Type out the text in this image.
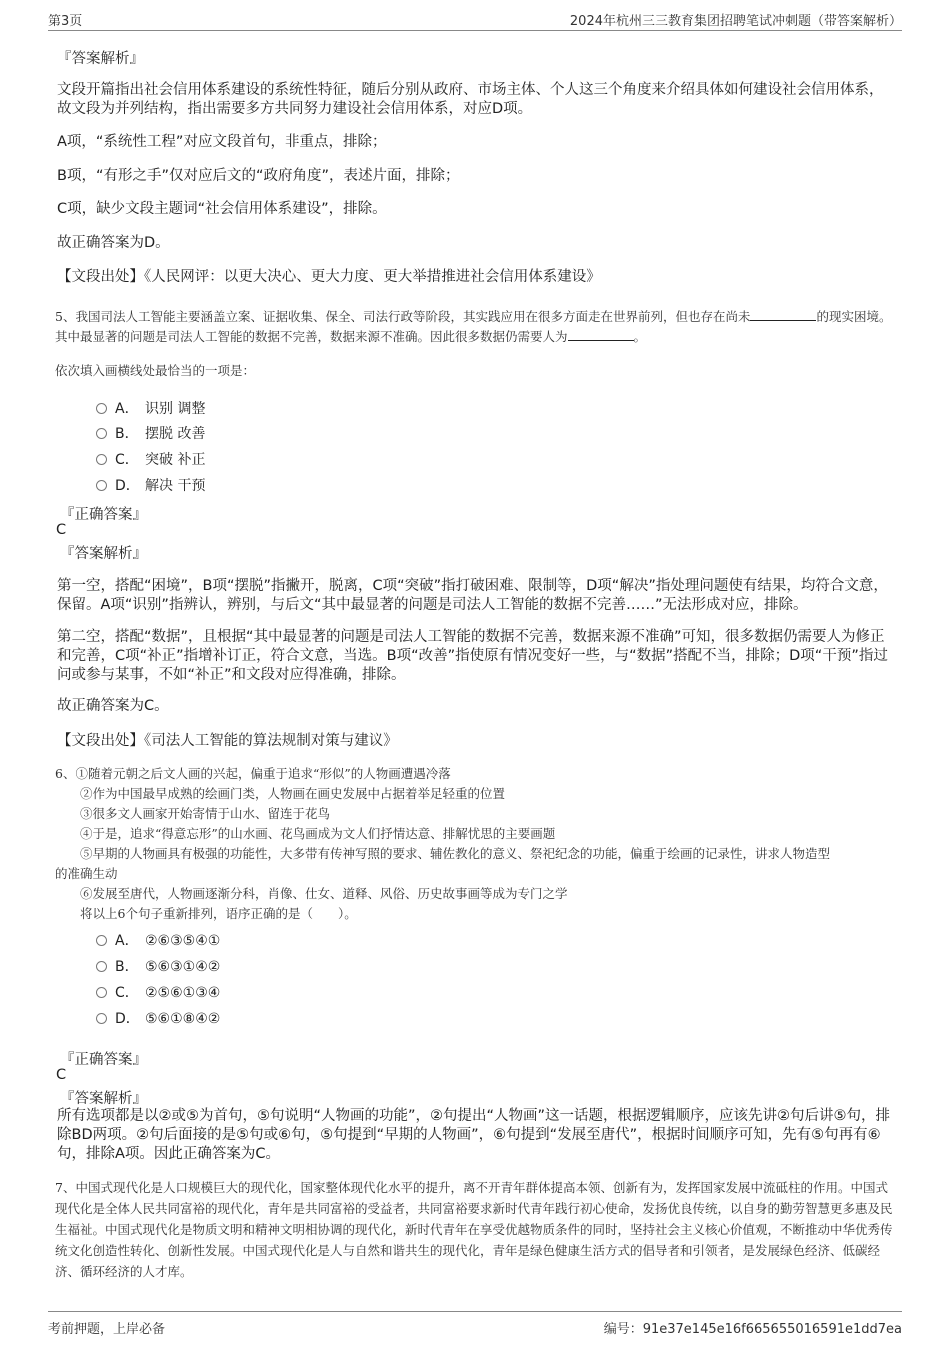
第3页	2024年杭州三三教育集团招聘笔试冲刺题（带答案解析）
『答案解析』
文段开篇指出社会信用体系建设的系统性特征，随后分别从政府、市场主体、个人这三个角度来介绍具体如何建设社会信用体系，故文段为并列结构，指出需要多方共同努力建设社会信用体系，对应D项。
A项，“系统性工程”对应文段首句，非重点，排除；
B项，“有形之手”仅对应后文的“政府角度”，表述片面，排除；
C项，缺少文段主题词“社会信用体系建设”，排除。
故正确答案为D。
【文段出处】《人民网评：以更大决心、更大力度、更大举措推进社会信用体系建设》
5、我国司法人工智能主要涵盖立案、证据收集、保全、司法行政等阶段，其实践应用在很多方面走在世界前列，但也存在尚未	的现实困境。其中最显著的问题是司法人工智能的数据不完善，数据来源不准确。因此很多数据仍需要人为	。
依次填入画横线处最恰当的一项是：
A． 识别 调整
B． 摆脱 改善
C． 突破 补正
D． 解决 干预
『正确答案』
C
『答案解析』
第一空，搭配“困境”，B项“摆脱”指撇开，脱离，C项“突破”指打破困难、限制等，D项“解决”指处理问题使有结果，均符合文意，保留。A项“识别”指辨认，辨别，与后文“其中最显著的问题是司法人工智能的数据不完善……”无法形成对应，排除。
第二空，搭配“数据”，且根据“其中最显著的问题是司法人工智能的数据不完善，数据来源不准确”可知，很多数据仍需要人为修正和完善，C项“补正”指增补订正，符合文意，当选。B项“改善”指使原有情况变好一些，与“数据”搭配不当，排除；D项“干预”指过问或参与某事，不如“补正”和文段对应得准确，排除。
故正确答案为C。
【文段出处】《司法人工智能的算法规制对策与建议》
6、①随着元朝之后文人画的兴起，偏重于追求“形似”的人物画遭遇冷落
②作为中国最早成熟的绘画门类，人物画在画史发展中占据着举足轻重的位置
③很多文人画家开始寄情于山水、留连于花鸟
④于是，追求“得意忘形”的山水画、花鸟画成为文人们抒情达意、排解忧思的主要画题
⑤早期的人物画具有极强的功能性，大多带有传神写照的要求、辅佐教化的意义、祭祀纪念的功能，偏重于绘画的记录性，讲求人物造型
的准确生动
⑥发展至唐代，人物画逐渐分科，肖像、仕女、道释、风俗、历史故事画等成为专门之学
将以上6个句子重新排列，语序正确的是（　　）。
A． ②⑥③⑤④①
B． ⑤⑥③①④②
C． ②⑤⑥①③④
D． ⑤⑥①⑧④②
『正确答案』
C
『答案解析』
所有选项都是以②或⑤为首句，⑤句说明“人物画的功能”，②句提出“人物画”这一话题，根据逻辑顺序，应该先讲②句后讲⑤句，排除BD两项。②句后面接的是⑤句或⑥句，⑤句提到“早期的人物画”，⑥句提到“发展至唐代”，根据时间顺序可知，先有⑤句再有⑥句，排除A项。因此正确答案为C。
7、中国式现代化是人口规模巨大的现代化，国家整体现代化水平的提升，离不开青年群体提高本领、创新有为，发挥国家发展中流砥柱的作用。中国式现代化是全体人民共同富裕的现代化，青年是共同富裕的受益者，共同富裕要求新时代青年践行初心使命，发扬优良传统，以自身的勤劳智慧更多惠及民生福祉。中国式现代化是物质文明和精神文明相协调的现代化，新时代青年在享受优越物质条件的同时，坚持社会主义核心价值观，不断推动中华优秀传统文化创造性转化、创新性发展。中国式现代化是人与自然和谐共生的现代化，青年是绿色健康生活方式的倡导者和引领者，是发展绿色经济、低碳经济、循环经济的人才库。
考前押题，上岸必备	编号：91e37e145e16f665655016591e1dd7ea
